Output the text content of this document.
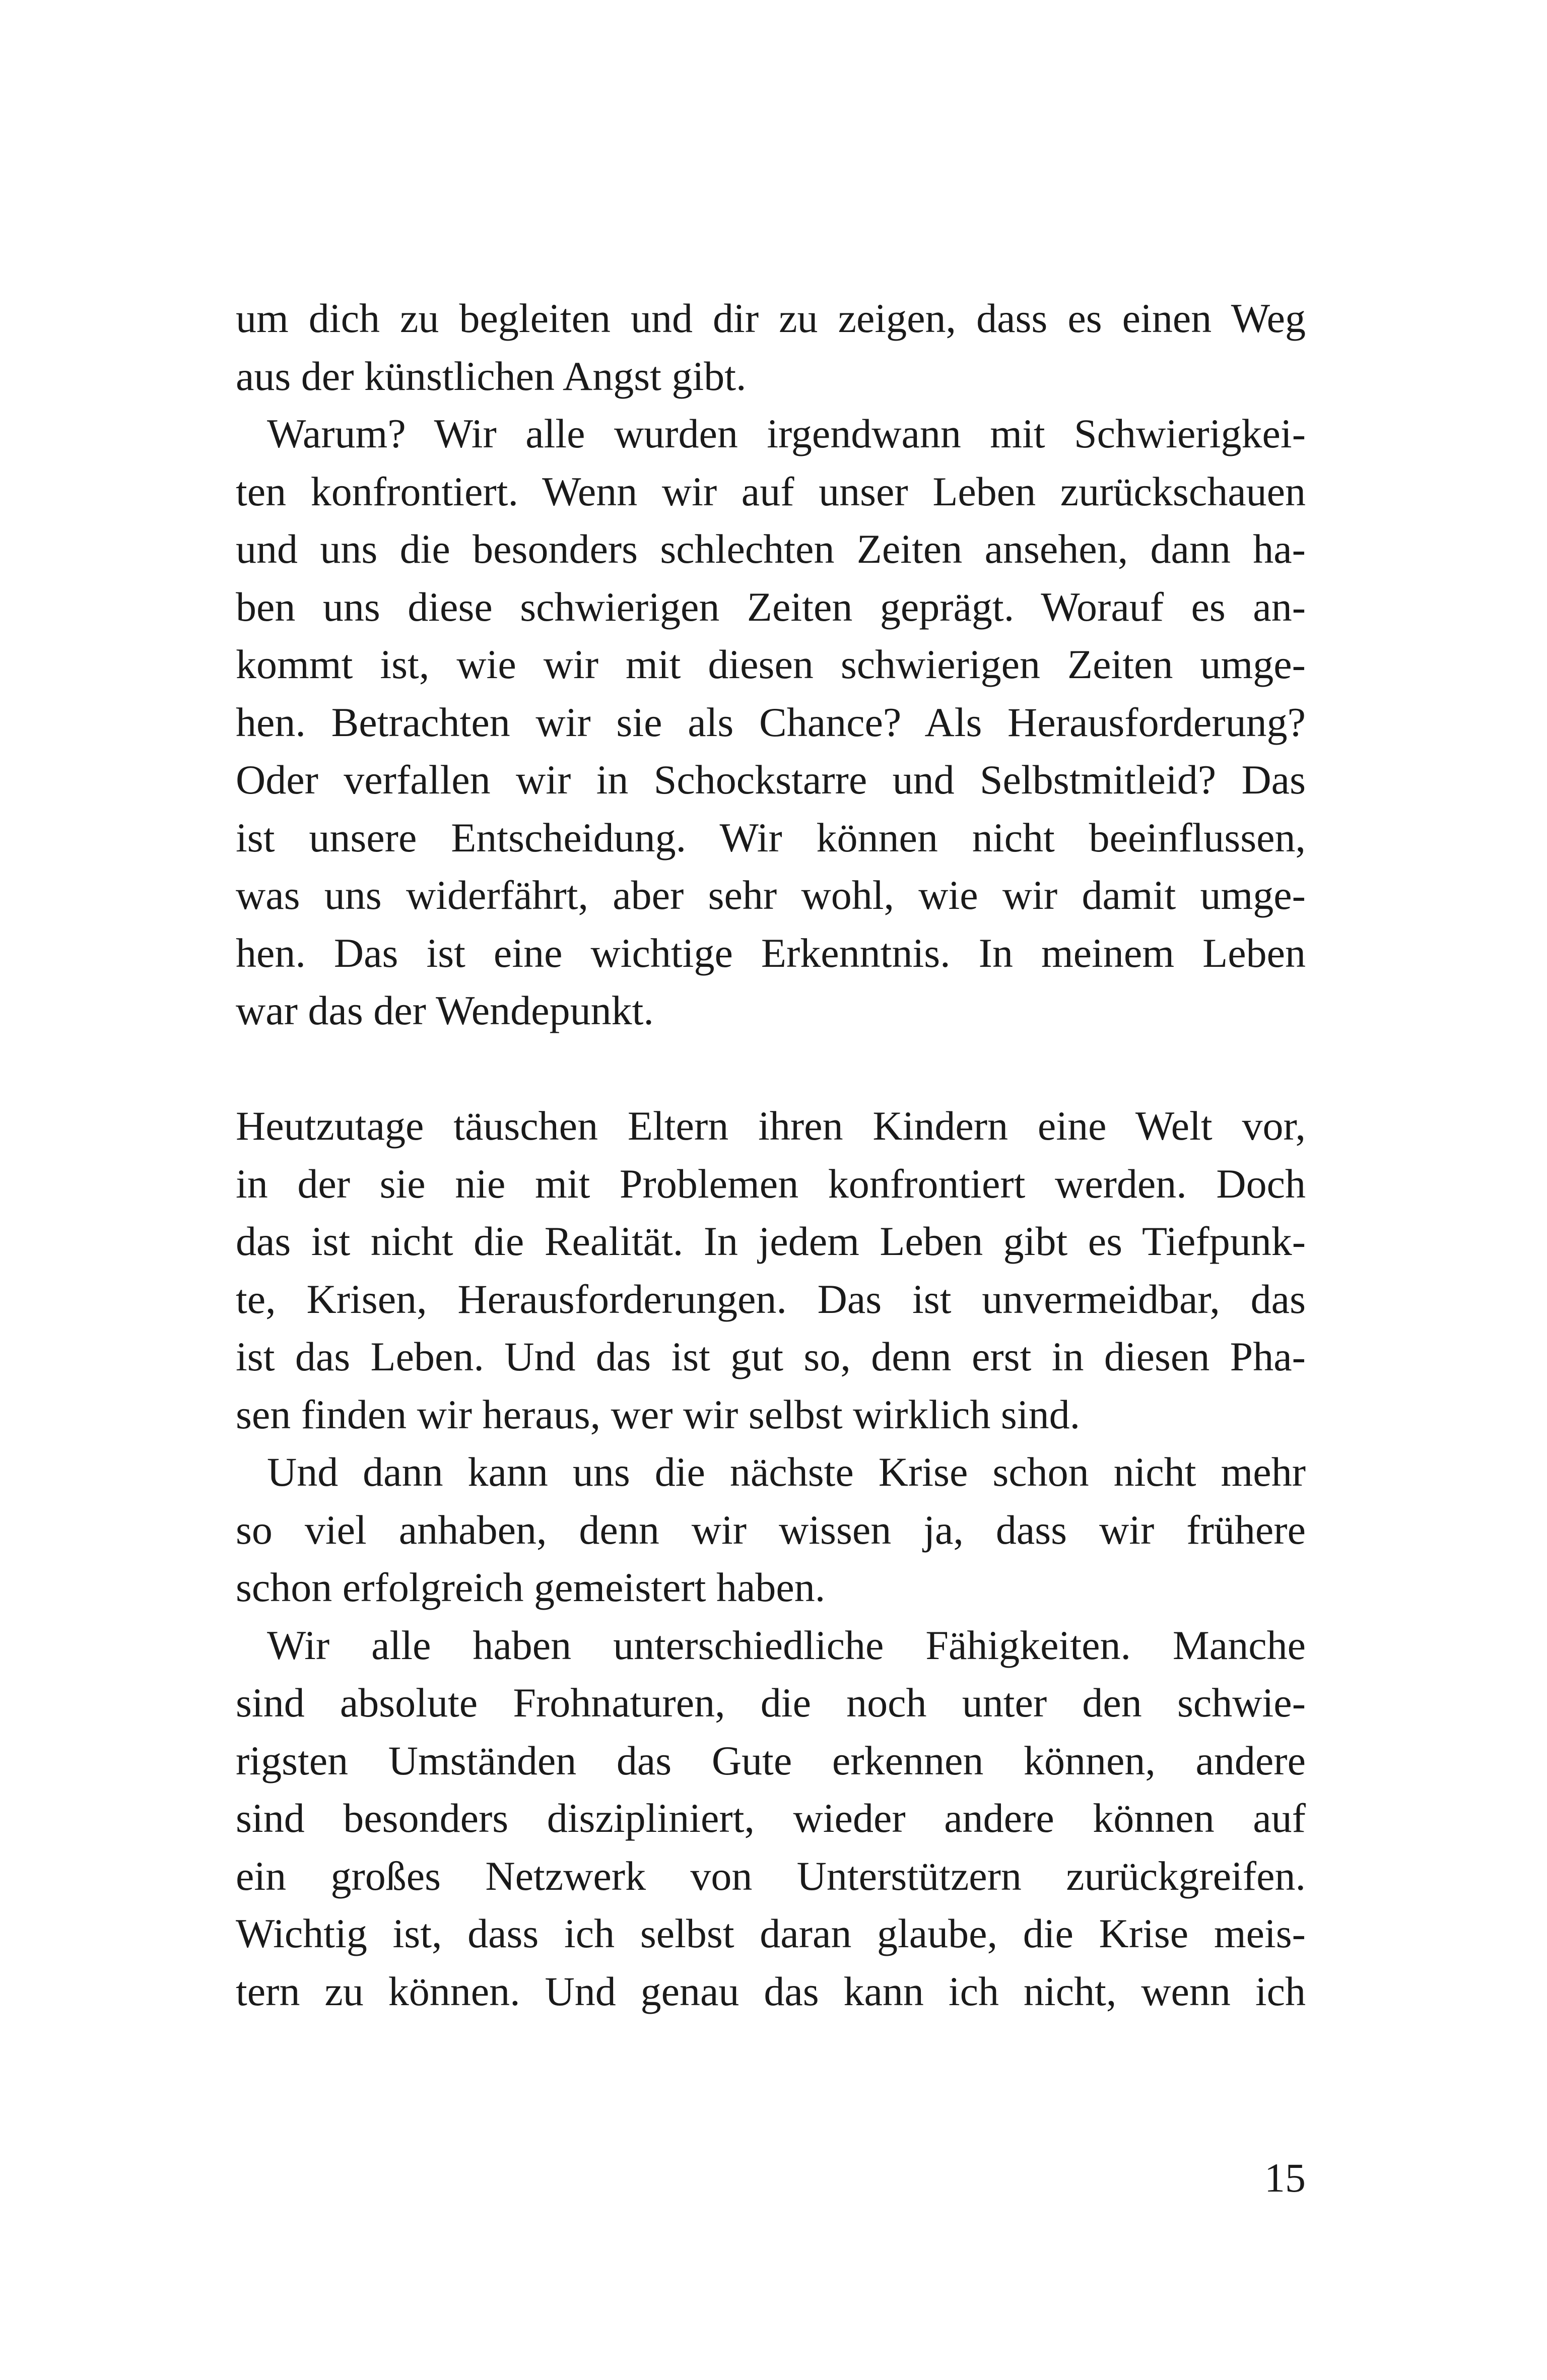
um dich zu begleiten und dir zu zeigen, dass es einen Weg
aus der künstlichen Angst gibt.
Warum? Wir alle wurden irgendwann mit Schwierigkei-
ten konfrontiert. Wenn wir auf unser Leben zurückschauen
und uns die besonders schlechten Zeiten ansehen, dann ha-
ben uns diese schwierigen Zeiten geprägt. Worauf es an-
kommt ist, wie wir mit diesen schwierigen Zeiten umge-
hen. Betrachten wir sie als Chance? Als Herausforderung?
Oder verfallen wir in Schockstarre und Selbstmitleid? Das
ist unsere Entscheidung. Wir können nicht beeinflussen,
was uns widerfährt, aber sehr wohl, wie wir damit umge-
hen. Das ist eine wichtige Erkenntnis. In meinem Leben
war das der Wendepunkt.
Heutzutage täuschen Eltern ihren Kindern eine Welt vor,
in der sie nie mit Problemen konfrontiert werden. Doch
das ist nicht die Realität. In jedem Leben gibt es Tiefpunk-
te, Krisen, Herausforderungen. Das ist unvermeidbar, das
ist das Leben. Und das ist gut so, denn erst in diesen Pha-
sen finden wir heraus, wer wir selbst wirklich sind.
Und dann kann uns die nächste Krise schon nicht mehr
so viel anhaben, denn wir wissen ja, dass wir frühere
schon erfolgreich gemeistert haben.
Wir alle haben unterschiedliche Fähigkeiten. Manche
sind absolute Frohnaturen, die noch unter den schwie-
rigsten Umständen das Gute erkennen können, andere
sind besonders diszipliniert, wieder andere können auf
ein großes Netzwerk von Unterstützern zurückgreifen.
Wichtig ist, dass ich selbst daran glaube, die Krise meis-
tern zu können. Und genau das kann ich nicht, wenn ich
15
